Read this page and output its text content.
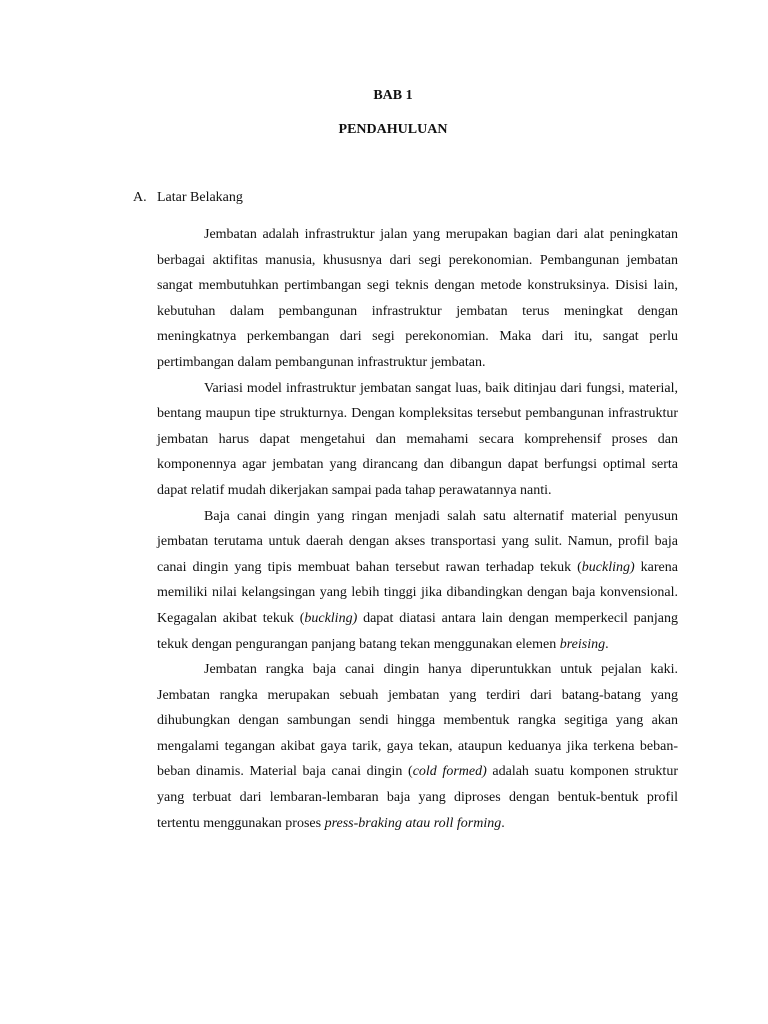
BAB 1
PENDAHULUAN
A. Latar Belakang

Jembatan adalah infrastruktur jalan yang merupakan bagian dari alat peningkatan berbagai aktifitas manusia, khususnya dari segi perekonomian. Pembangunan jembatan sangat membutuhkan pertimbangan segi teknis dengan metode konstruksinya. Disisi lain, kebutuhan dalam pembangunan infrastruktur jembatan terus meningkat dengan meningkatnya perkembangan dari segi perekonomian. Maka dari itu, sangat perlu pertimbangan dalam pembangunan infrastruktur jembatan.

Variasi model infrastruktur jembatan sangat luas, baik ditinjau dari fungsi, material, bentang maupun tipe strukturnya. Dengan kompleksitas tersebut pembangunan infrastruktur jembatan harus dapat mengetahui dan memahami secara komprehensif proses dan komponennya agar jembatan yang dirancang dan dibangun dapat berfungsi optimal serta dapat relatif mudah dikerjakan sampai pada tahap perawatannya nanti.

Baja canai dingin yang ringan menjadi salah satu alternatif material penyusun jembatan terutama untuk daerah dengan akses transportasi yang sulit. Namun, profil baja canai dingin yang tipis membuat bahan tersebut rawan terhadap tekuk (buckling) karena memiliki nilai kelangsingan yang lebih tinggi jika dibandingkan dengan baja konvensional. Kegagalan akibat tekuk (buckling) dapat diatasi antara lain dengan memperkecil panjang tekuk dengan pengurangan panjang batang tekan menggunakan elemen breising.

Jembatan rangka baja canai dingin hanya diperuntukkan untuk pejalan kaki. Jembatan rangka merupakan sebuah jembatan yang terdiri dari batang-batang yang dihubungkan dengan sambungan sendi hingga membentuk rangka segitiga yang akan mengalami tegangan akibat gaya tarik, gaya tekan, ataupun keduanya jika terkena beban-beban dinamis. Material baja canai dingin (cold formed) adalah suatu komponen struktur yang terbuat dari lembaran-lembaran baja yang diproses dengan bentuk-bentuk profil tertentu menggunakan proses press-braking atau roll forming.
